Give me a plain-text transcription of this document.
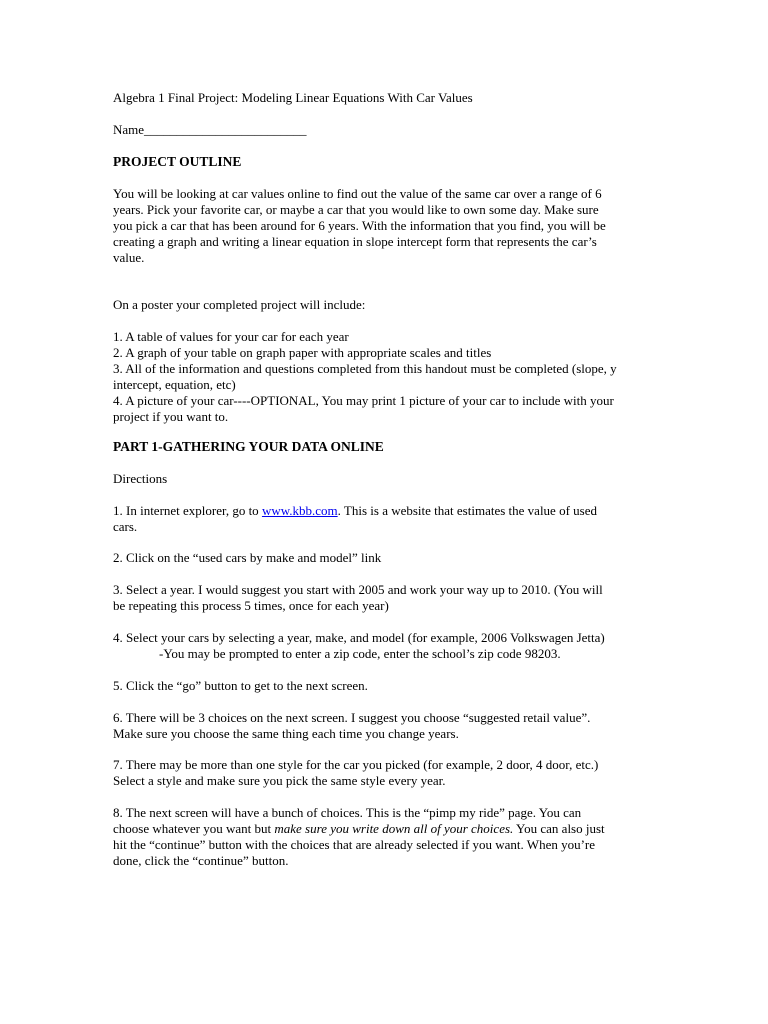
Algebra 1 Final Project: Modeling Linear Equations With Car Values

Name_________________________

PROJECT OUTLINE

You will be looking at car values online to find out the value of the same car over a range of 6
years. Pick your favorite car, or maybe a car that you would like to own some day. Make sure
you pick a car that has been around for 6 years. With the information that you find, you will be
creating a graph and writing a linear equation in slope intercept form that represents the car’s
value.

On a poster your completed project will include:

1. A table of values for your car for each year
2. A graph of your table on graph paper with appropriate scales and titles
3. All of the information and questions completed from this handout must be completed (slope, y
intercept, equation, etc)
4. A picture of your car----OPTIONAL, You may print 1 picture of your car to include with your
project if you want to.

PART 1-GATHERING YOUR DATA ONLINE

Directions

1. In internet explorer, go to www.kbb.com. This is a website that estimates the value of used
cars.

2. Click on the “used cars by make and model” link

3. Select a year. I would suggest you start with 2005 and work your way up to 2010. (You will
be repeating this process 5 times, once for each year)
4. Select your cars by selecting a year, make, and model (for example, 2006 Volkswagen Jetta)
-You may be prompted to enter a zip code, enter the school’s zip code 98203.

5. Click the “go” button to get to the next screen.

6. There will be 3 choices on the next screen. I suggest you choose “suggested retail value”.
Make sure you choose the same thing each time you change years.
7. There may be more than one style for the car you picked (for example, 2 door, 4 door, etc.)
Select a style and make sure you pick the same style every year.
8. The next screen will have a bunch of choices. This is the “pimp my ride” page. You can
choose whatever you want but make sure you write down all of your choices. You can also just
hit the “continue” button with the choices that are already selected if you want. When you’re
done, click the “continue” button.
